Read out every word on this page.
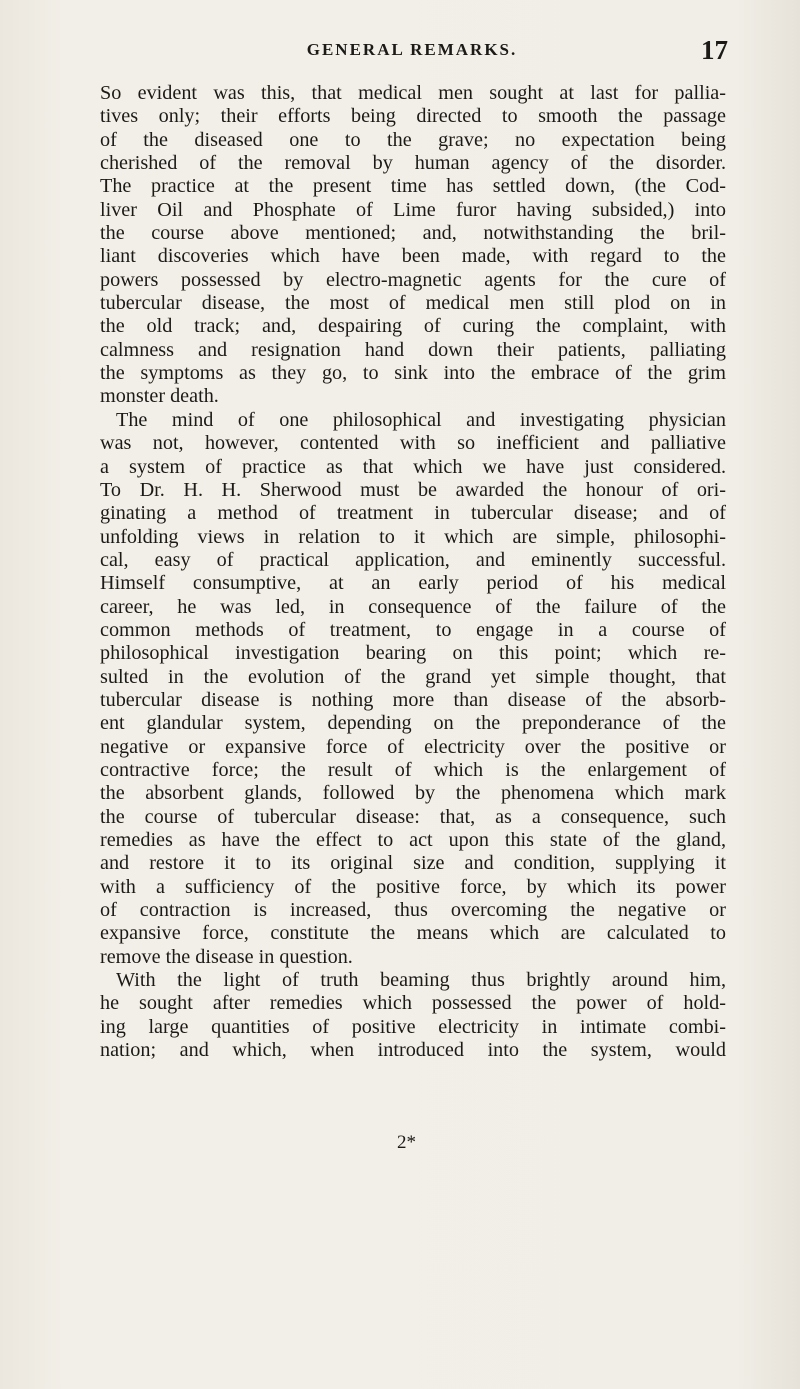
GENERAL REMARKS.	17
So evident was this, that medical men sought at last for pallia-
tives only; their efforts being directed to smooth the passage
of the diseased one to the grave; no expectation being
cherished of the removal by human agency of the disorder.
The practice at the present time has settled down, (the Cod-
liver Oil and Phosphate of Lime furor having subsided,) into
the course above mentioned; and, notwithstanding the bril-
liant discoveries which have been made, with regard to the
powers possessed by electro-magnetic agents for the cure of
tubercular disease, the most of medical men still plod on in
the old track; and, despairing of curing the complaint, with
calmness and resignation hand down their patients, palliating
the symptoms as they go, to sink into the embrace of the grim
monster death.
The mind of one philosophical and investigating physician
was not, however, contented with so inefficient and palliative
a system of practice as that which we have just considered.
To Dr. H. H. Sherwood must be awarded the honour of ori-
ginating a method of treatment in tubercular disease; and of
unfolding views in relation to it which are simple, philosophi-
cal, easy of practical application, and eminently successful.
Himself consumptive, at an early period of his medical
career, he was led, in consequence of the failure of the
common methods of treatment, to engage in a course of
philosophical investigation bearing on this point; which re-
sulted in the evolution of the grand yet simple thought, that
tubercular disease is nothing more than disease of the absorb-
ent glandular system, depending on the preponderance of the
negative or expansive force of electricity over the positive or
contractive force; the result of which is the enlargement of
the absorbent glands, followed by the phenomena which mark
the course of tubercular disease: that, as a consequence, such
remedies as have the effect to act upon this state of the gland,
and restore it to its original size and condition, supplying it
with a sufficiency of the positive force, by which its power
of contraction is increased, thus overcoming the negative or
expansive force, constitute the means which are calculated to
remove the disease in question.
With the light of truth beaming thus brightly around him,
he sought after remedies which possessed the power of hold-
ing large quantities of positive electricity in intimate combi-
nation; and which, when introduced into the system, would
2*
